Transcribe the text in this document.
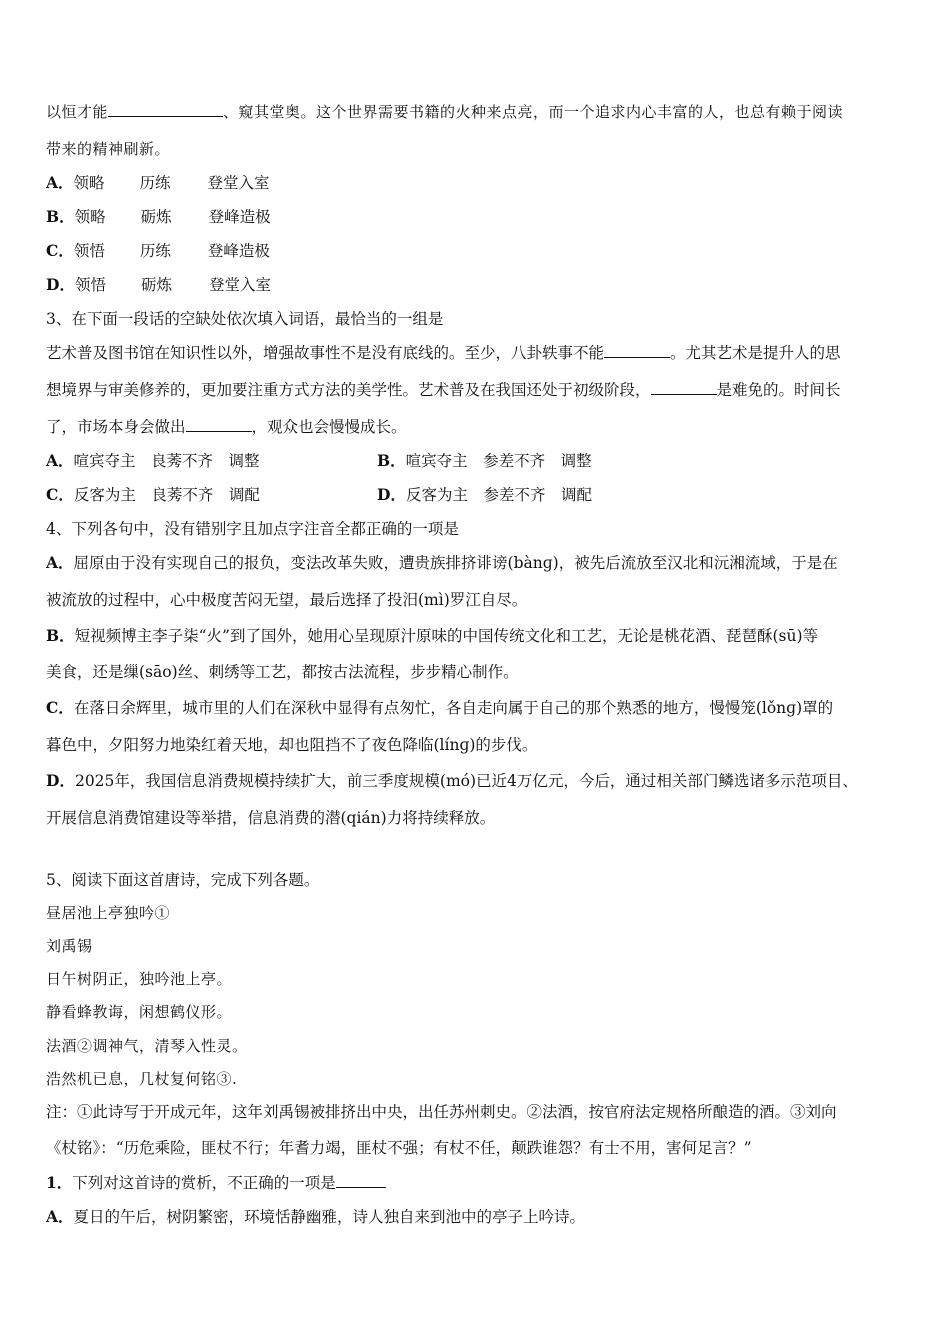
以恒才能	、窥其堂奥。这个世界需要书籍的火种来点亮，而一个追求内心丰富的人，也总有赖于阅读
带来的精神刷新。
A．领略 历练 登堂入室
B．领略 砺炼 登峰造极
C．领悟 历练 登峰造极
D．领悟 砺炼 登堂入室
3、在下面一段话的空缺处依次填入词语，最恰当的一组是
艺术普及图书馆在知识性以外，增强故事性不是没有底线的。至少，八卦轶事不能	。尤其艺术是提升人的思
想境界与审美修养的，更加要注重方式方法的美学性。艺术普及在我国还处于初级阶段，	是难免的。时间长
了，市场本身会做出	，观众也会慢慢成长。
A．喧宾夺主　良莠不齐　调整	B．喧宾夺主　参差不齐　调整
C．反客为主　良莠不齐　调配	D．反客为主　参差不齐　调配
4、下列各句中，没有错别字且加点字注音全都正确的一项是
A．屈原由于没有实现自己的报负，变法改革失败，遭贵族排挤诽谤(bànɡ)，被先后流放至汉北和沅湘流域，于是在
被流放的过程中，心中极度苦闷无望，最后选择了投汨(mì)罗江自尽。
B．短视频博主李子柒“火”到了国外，她用心呈现原汁原味的中国传统文化和工艺，无论是桃花酒、琵琶酥(sū)等
美食，还是缫(sāo)丝、刺绣等工艺，都按古法流程，步步精心制作。
C．在落日余辉里，城市里的人们在深秋中显得有点匆忙，各自走向属于自己的那个熟悉的地方，慢慢笼(lǒnɡ)罩的
暮色中，夕阳努力地染红着天地，却也阻挡不了夜色降临(línɡ)的步伐。
D．2025年，我国信息消费规模持续扩大，前三季度规模(mó)已近4万亿元，今后，通过相关部门鳞选诸多示范项目、
开展信息消费馆建设等举措，信息消费的潜(qián)力将持续释放。
5、阅读下面这首唐诗，完成下列各题。
昼居池上亭独吟①
刘禹锡
日午树阴正，独吟池上亭。
静看蜂教诲，闲想鹤仪形。
法酒②调神气，清琴入性灵。
浩然机已息，几杖复何铭③.
注：①此诗写于开成元年，这年刘禹锡被排挤出中央，出任苏州刺史。②法酒，按官府法定规格所酿造的酒。③刘向
《杖铭》：“历危乘险，匪杖不行；年耆力竭，匪杖不强；有杖不任，颠跌谁怨？有士不用，害何足言？”
1．下列对这首诗的赏析，不正确的一项是
A．夏日的午后，树阴繁密，环境恬静幽雅，诗人独自来到池中的亭子上吟诗。
